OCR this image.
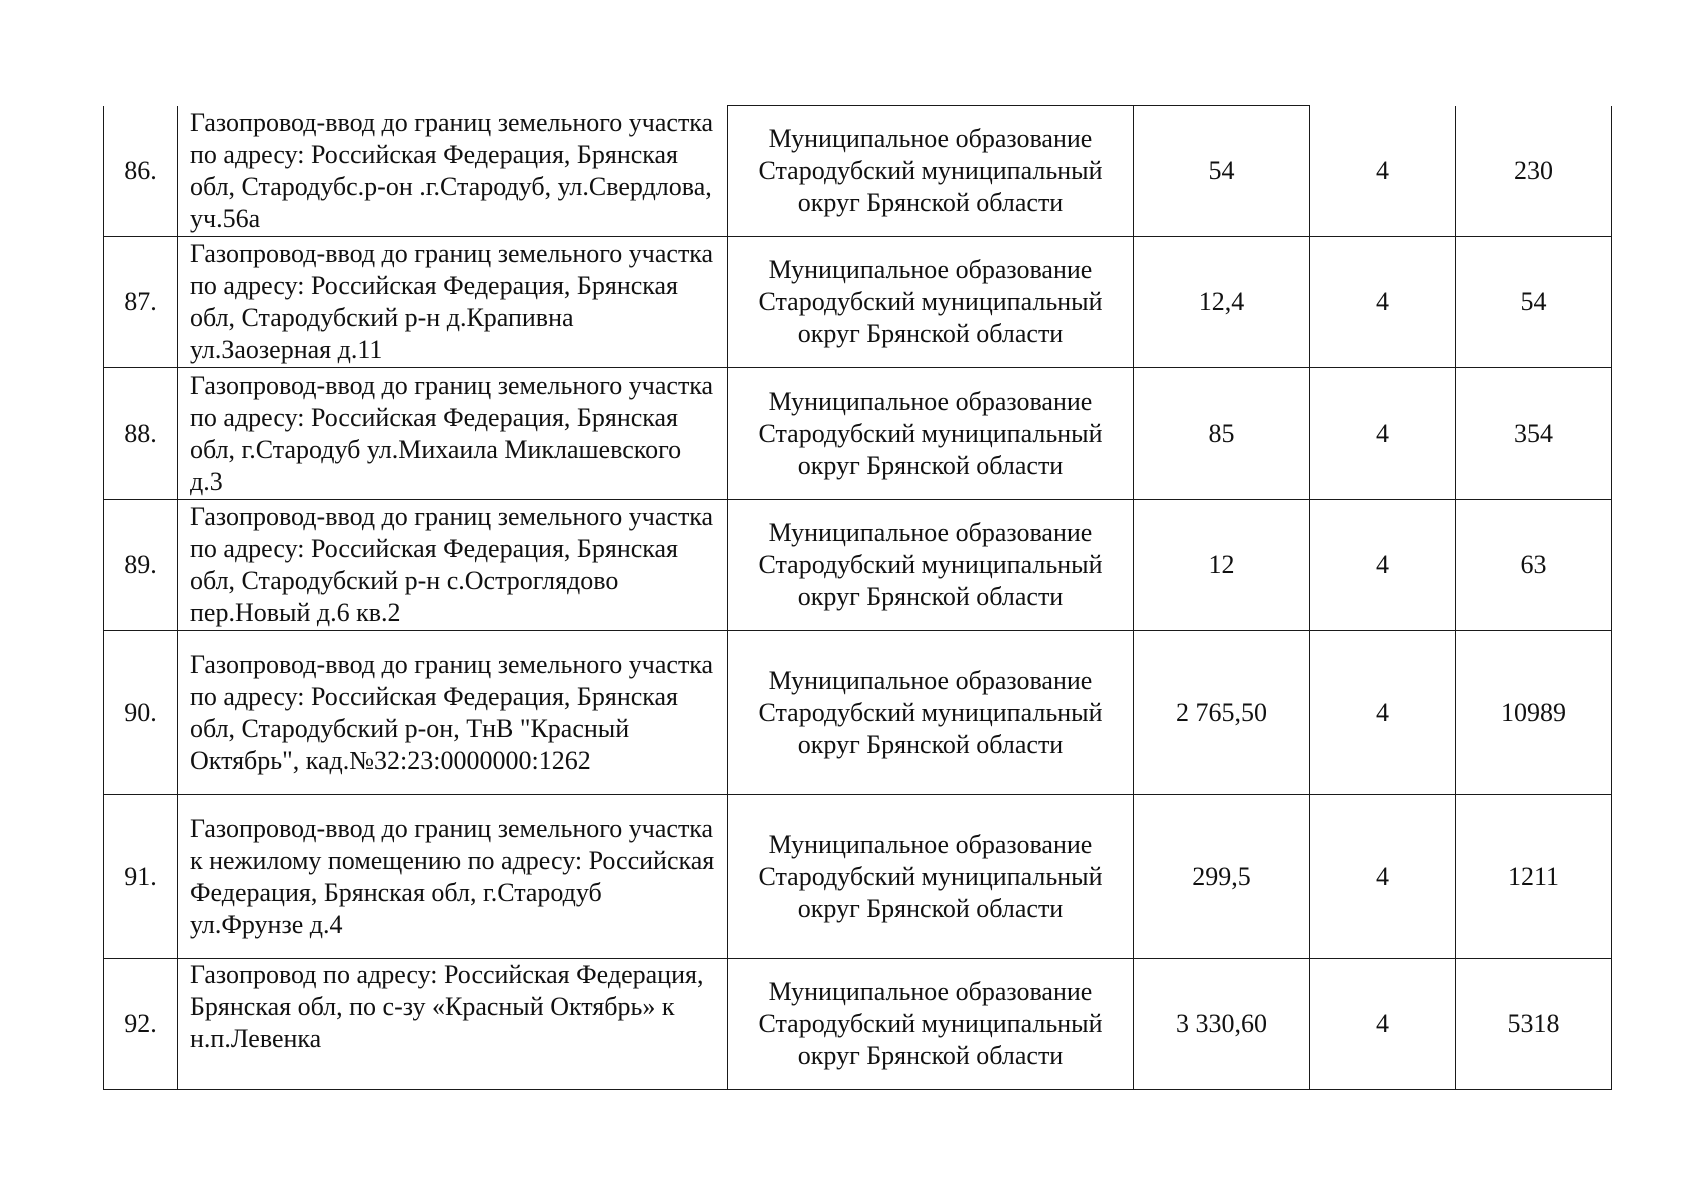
86.	Газопровод-ввод до границ земельного участка по адресу: Российская Федерация, Брянская обл, Стародубс.р-он .г.Стародуб, ул.Свердлова, уч.56а	Муниципальное образование Стародубский муниципальный округ Брянской области	54	4	230
87.	Газопровод-ввод до границ земельного участка по адресу: Российская Федерация, Брянская обл, Стародубский р-н д.Крапивна ул.Заозерная д.11	Муниципальное образование Стародубский муниципальный округ Брянской области	12,4	4	54
88.	Газопровод-ввод до границ земельного участка по адресу: Российская Федерация, Брянская обл, г.Стародуб ул.Михаила Миклашевского д.3	Муниципальное образование Стародубский муниципальный округ Брянской области	85	4	354
89.	Газопровод-ввод до границ земельного участка по адресу: Российская Федерация, Брянская обл, Стародубский р-н с.Остроглядово пер.Новый д.6 кв.2	Муниципальное образование Стародубский муниципальный округ Брянской области	12	4	63
90.	Газопровод-ввод до границ земельного участка по адресу: Российская Федерация, Брянская обл, Стародубский р-он, ТнВ "Красный Октябрь", кад.№32:23:0000000:1262	Муниципальное образование Стародубский муниципальный округ Брянской области	2 765,50	4	10989
91.	Газопровод-ввод до границ земельного участка к нежилому помещению по адресу: Российская Федерация, Брянская обл, г.Стародуб ул.Фрунзе д.4	Муниципальное образование Стародубский муниципальный округ Брянской области	299,5	4	1211
92.	Газопровод по адресу: Российская Федерация, Брянская обл, по с-зу «Красный Октябрь» к н.п.Левенка	Муниципальное образование Стародубский муниципальный округ Брянской области	3 330,60	4	5318
